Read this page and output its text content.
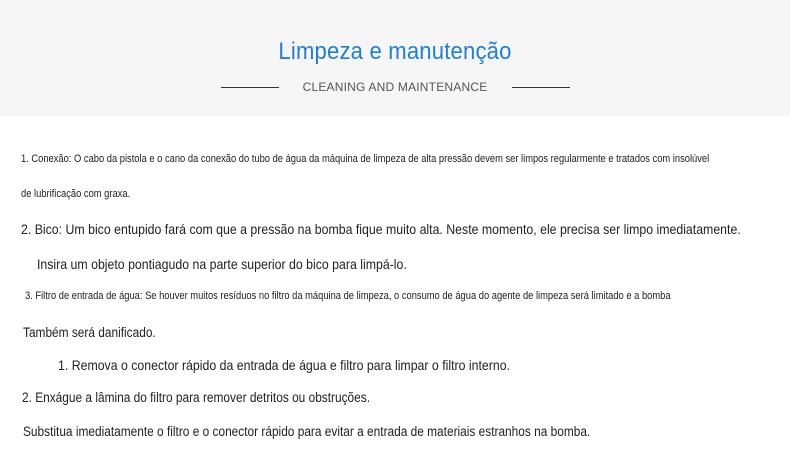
Limpeza e manutenção
CLEANING AND MAINTENANCE
1. Conexão: O cabo da pistola e o cano da conexão do tubo de água da máquina de limpeza de alta pressão devem ser limpos regularmente e tratados com insolúvel
de lubrificação com graxa.
2. Bico: Um bico entupido fará com que a pressão na bomba fique muito alta. Neste momento, ele precisa ser limpo imediatamente.
Insira um objeto pontiagudo na parte superior do bico para limpá-lo.
3. Filtro de entrada de água: Se houver muitos resíduos no filtro da máquina de limpeza, o consumo de água do agente de limpeza será limitado e a bomba
Também será danificado.
1. Remova o conector rápido da entrada de água e filtro para limpar o filtro interno.
2. Enxágue a lâmina do filtro para remover detritos ou obstruções.
Substitua imediatamente o filtro e o conector rápido para evitar a entrada de materiais estranhos na bomba.
